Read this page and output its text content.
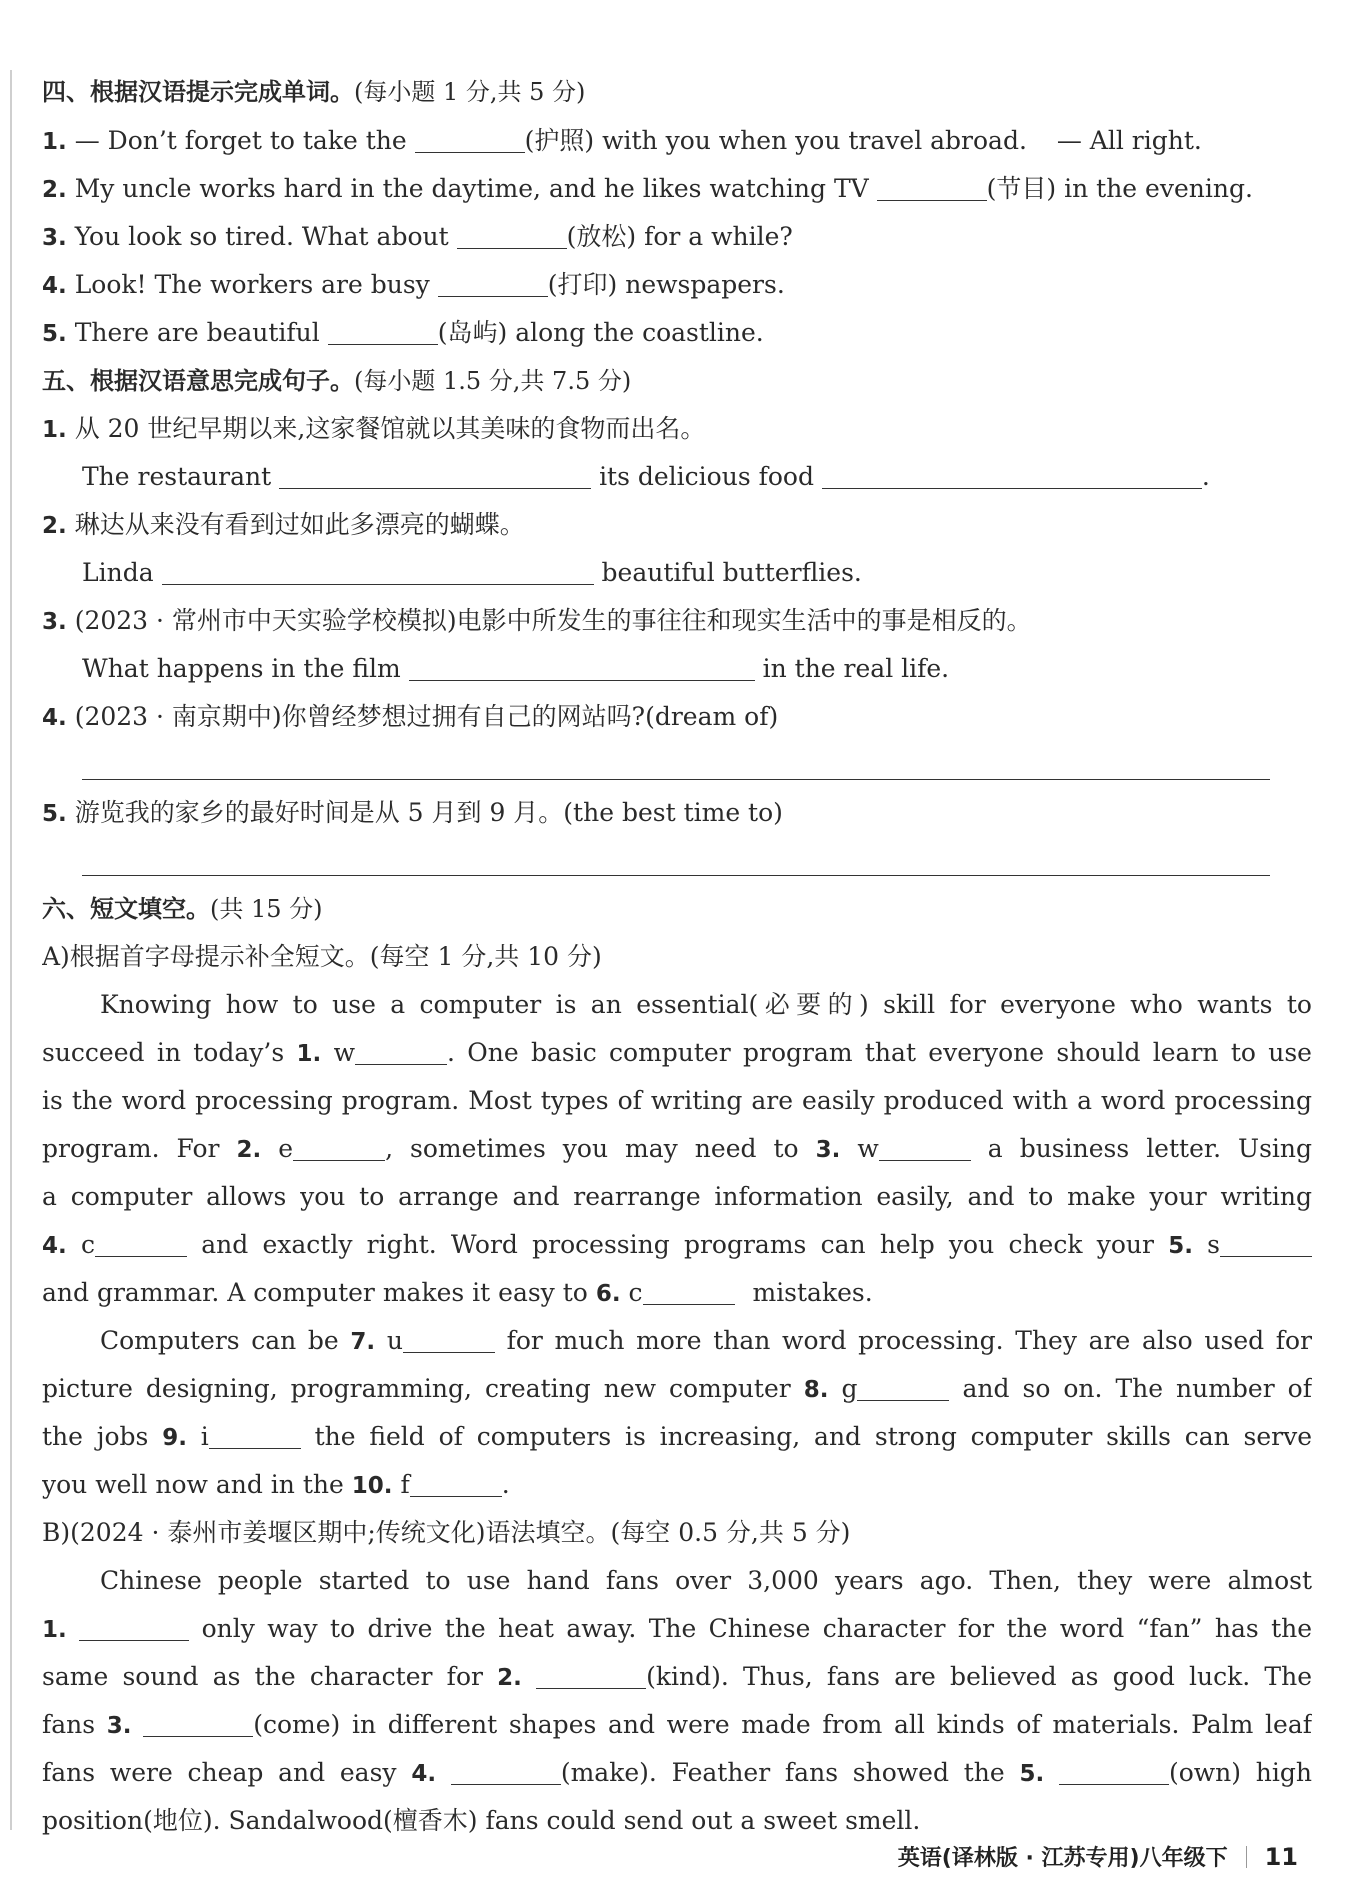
四、根据汉语提示完成单词。(每小题 1 分,共 5 分)
1. — Don’t forget to take the	(护照) with you when you travel abroad. — All right.
2. My uncle works hard in the daytime, and he likes watching TV	(节目) in the evening.
3. You look so tired. What about	(放松) for a while?
4. Look! The workers are busy	(打印) newspapers.
5. There are beautiful	(岛屿) along the coastline.
五、根据汉语意思完成句子。(每小题 1.5 分,共 7.5 分)
1. 从 20 世纪早期以来,这家餐馆就以其美味的食物而出名。
The restaurant	its delicious food	.
2. 琳达从来没有看到过如此多漂亮的蝴蝶。
Linda	beautiful butterflies.
3. (2023 · 常州市中天实验学校模拟)电影中所发生的事往往和现实生活中的事是相反的。
What happens in the film	in the real life.
4. (2023 · 南京期中)你曾经梦想过拥有自己的网站吗?(dream of)
5. 游览我的家乡的最好时间是从 5 月到 9 月。(the best time to)
六、短文填空。(共 15 分)
A)根据首字母提示补全短文。(每空 1 分,共 10 分)
Knowing how to use a computer is an essential(必要的) skill for everyone who wants to
succeed in today’s 1. w	. One basic computer program that everyone should learn to use
is the word processing program. Most types of writing are easily produced with a word processing
program. For 2. e	, sometimes you may need to 3. w	a business letter. Using
a computer allows you to arrange and rearrange information easily, and to make your writing
4. c	and exactly right. Word processing programs can help you check your 5. s
and grammar. A computer makes it easy to 6. c	mistakes.
Computers can be 7. u	for much more than word processing. They are also used for
picture designing, programming, creating new computer 8. g	and so on. The number of
the jobs 9. i	the field of computers is increasing, and strong computer skills can serve
you well now and in the 10. f	.
B)(2024 · 泰州市姜堰区期中;传统文化)语法填空。(每空 0.5 分,共 5 分)
Chinese people started to use hand fans over 3,000 years ago. Then, they were almost
1.	only way to drive the heat away. The Chinese character for the word “fan” has the
same sound as the character for 2.	(kind). Thus, fans are believed as good luck. The
fans 3.	(come) in different shapes and were made from all kinds of materials. Palm leaf
fans were cheap and easy 4.	(make). Feather fans showed the 5.	(own) high
position(地位). Sandalwood(檀香木) fans could send out a sweet smell.
英语(译林版 · 江苏专用)八年级下 11
